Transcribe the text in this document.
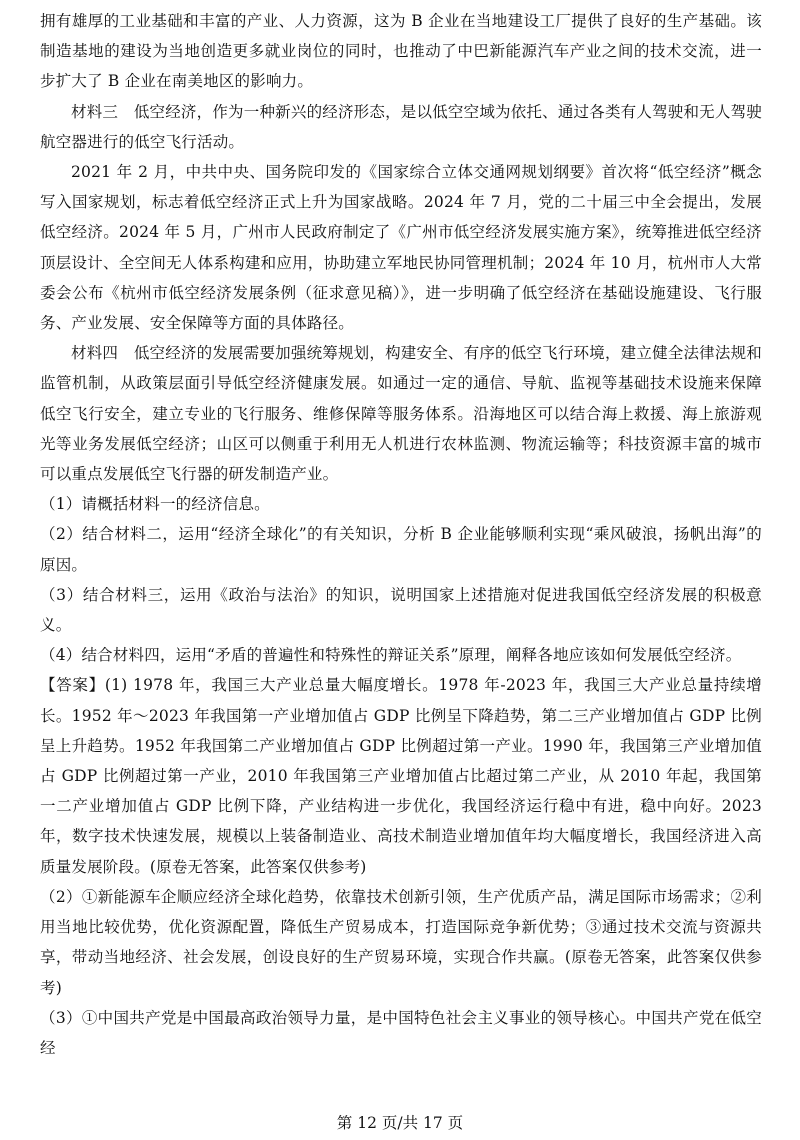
拥有雄厚的工业基础和丰富的产业、人力资源，这为 B 企业在当地建设工厂提供了良好的生产基础。该制造基地的建设为当地创造更多就业岗位的同时，也推动了中巴新能源汽车产业之间的技术交流，进一步扩大了 B 企业在南美地区的影响力。

材料三　低空经济，作为一种新兴的经济形态，是以低空空域为依托、通过各类有人驾驶和无人驾驶航空器进行的低空飞行活动。

2021 年 2 月，中共中央、国务院印发的《国家综合立体交通网规划纲要》首次将“低空经济”概念写入国家规划，标志着低空经济正式上升为国家战略。2024 年 7 月，党的二十届三中全会提出，发展低空经济。2024 年 5 月，广州市人民政府制定了《广州市低空经济发展实施方案》，统筹推进低空经济顶层设计、全空间无人体系构建和应用，协助建立军地民协同管理机制；2024 年 10 月，杭州市人大常委会公布《杭州市低空经济发展条例（征求意见稿）》，进一步明确了低空经济在基础设施建设、飞行服务、产业发展、安全保障等方面的具体路径。

材料四　低空经济的发展需要加强统筹规划，构建安全、有序的低空飞行环境，建立健全法律法规和监管机制，从政策层面引导低空经济健康发展。如通过一定的通信、导航、监视等基础技术设施来保障低空飞行安全，建立专业的飞行服务、维修保障等服务体系。沿海地区可以结合海上救援、海上旅游观光等业务发展低空经济；山区可以侧重于利用无人机进行农林监测、物流运输等；科技资源丰富的城市可以重点发展低空飞行器的研发制造产业。

（1）请概括材料一的经济信息。

（2）结合材料二，运用“经济全球化”的有关知识，分析 B 企业能够顺利实现“乘风破浪，扬帆出海”的原因。

（3）结合材料三，运用《政治与法治》的知识，说明国家上述措施对促进我国低空经济发展的积极意义。

（4）结合材料四，运用“矛盾的普遍性和特殊性的辩证关系”原理，阐释各地应该如何发展低空经济。

【答案】(1) 1978 年，我国三大产业总量大幅度增长。1978 年-2023 年，我国三大产业总量持续增长。1952 年～2023 年我国第一产业增加值占 GDP 比例呈下降趋势，第二三产业增加值占 GDP 比例呈上升趋势。1952 年我国第二产业增加值占 GDP 比例超过第一产业。1990 年，我国第三产业增加值占 GDP 比例超过第一产业，2010 年我国第三产业增加值占比超过第二产业，从 2010 年起，我国第一二产业增加值占 GDP 比例下降，产业结构进一步优化，我国经济运行稳中有进，稳中向好。2023 年，数字技术快速发展，规模以上装备制造业、高技术制造业增加值年均大幅度增长，我国经济进入高质量发展阶段。(原卷无答案，此答案仅供参考)

（2）①新能源车企顺应经济全球化趋势，依靠技术创新引领，生产优质产品，满足国际市场需求；②利用当地比较优势，优化资源配置，降低生产贸易成本，打造国际竞争新优势；③通过技术交流与资源共享，带动当地经济、社会发展，创设良好的生产贸易环境，实现合作共赢。(原卷无答案，此答案仅供参考)

（3）①中国共产党是中国最高政治领导力量，是中国特色社会主义事业的领导核心。中国共产党在低空经

第 12 页/共 17 页
